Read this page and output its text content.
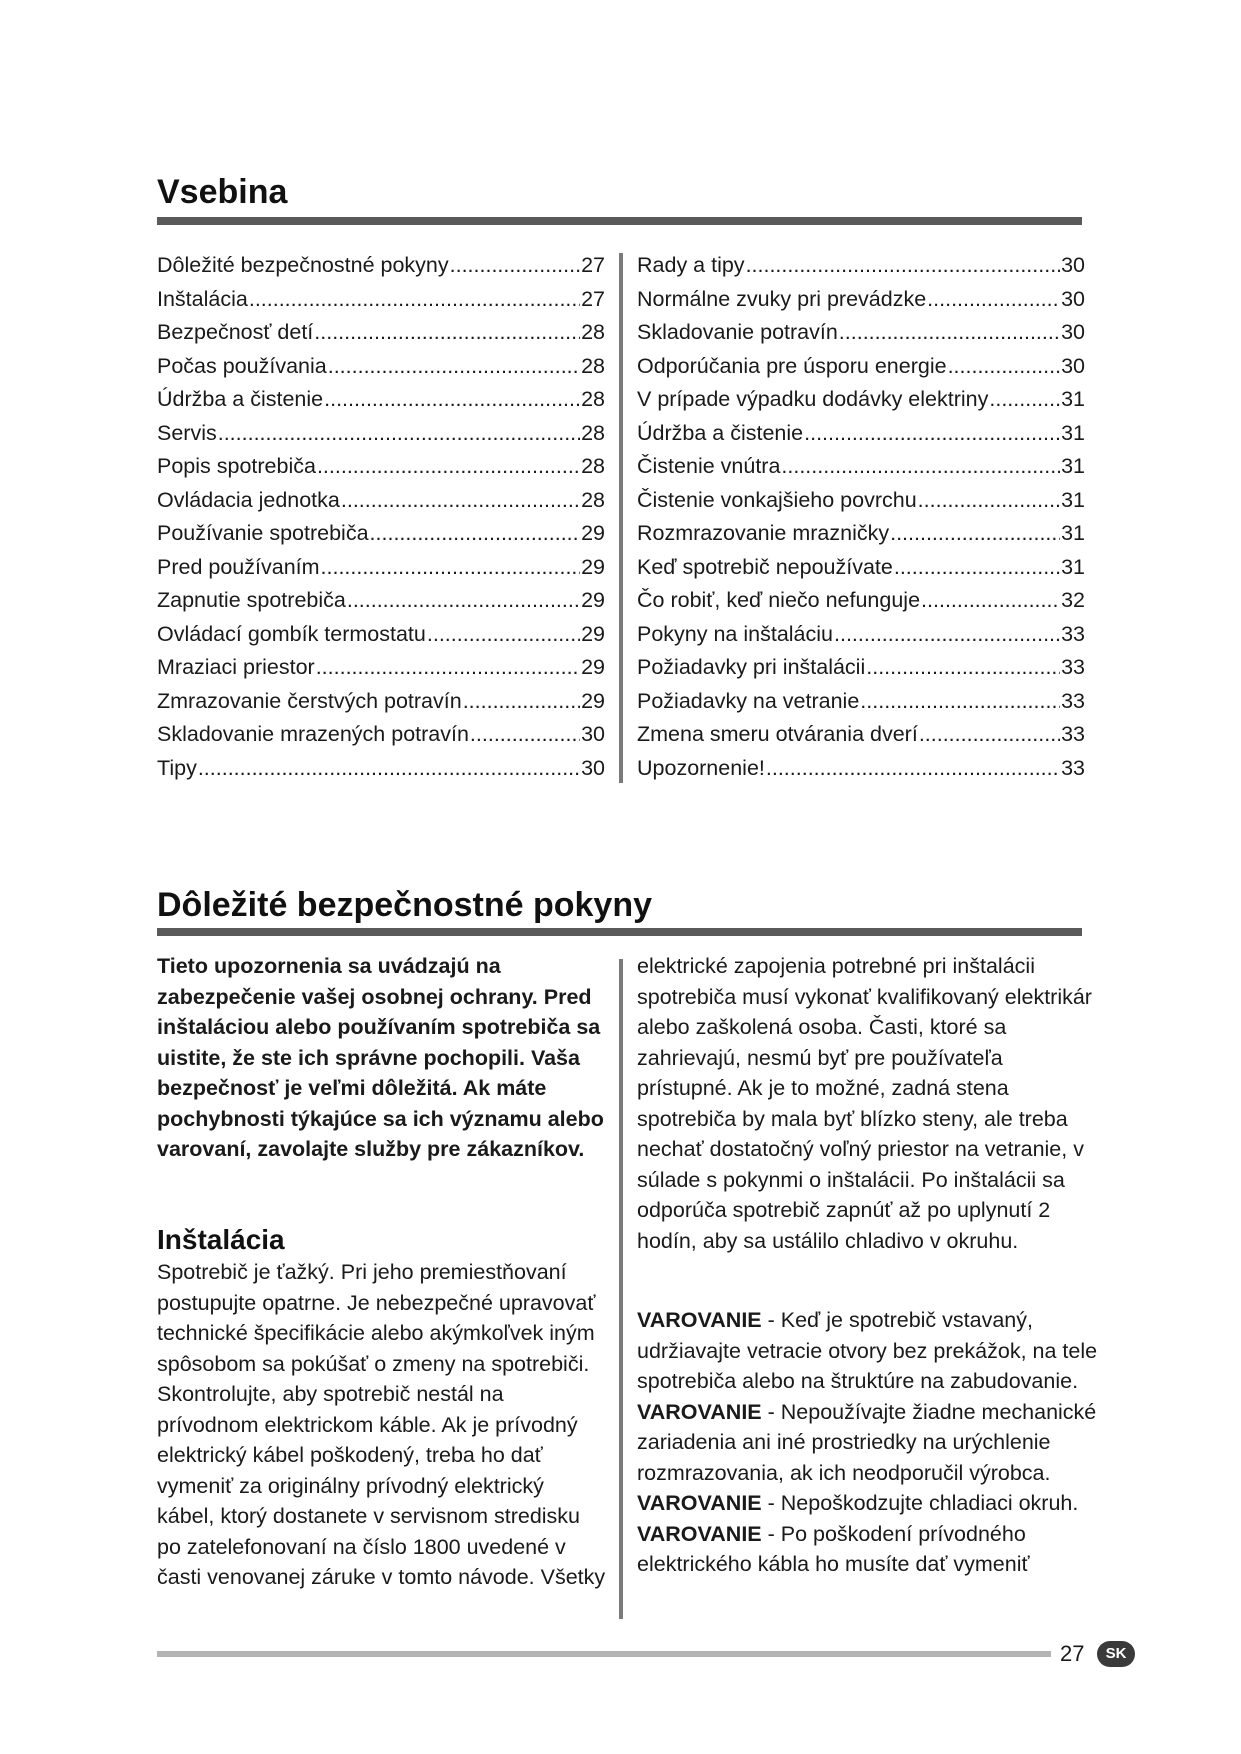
Vsebina
Dôležité bezpečnostné pokyny .....	27
Inštalácia .....	27
Bezpečnosť detí .....	28
Počas používania .....	28
Údržba a čistenie .....	28
Servis .....	28
Popis spotrebiča .....	28
Ovládacia jednotka .....	28
Používanie spotrebiča .....	29
Pred používaním .....	29
Zapnutie spotrebiča .....	29
Ovládací gombík termostatu .....	29
Mraziaci priestor .....	29
Zmrazovanie čerstvých potravín .....	29
Skladovanie mrazených potravín .....	30
Tipy .....	30
Rady a tipy .....	30
Normálne zvuky pri prevádzke .....	30
Skladovanie potravín .....	30
Odporúčania pre úsporu energie .....	30
V prípade výpadku dodávky elektriny .....	31
Údržba a čistenie .....	31
Čistenie vnútra .....	31
Čistenie vonkajšieho povrchu .....	31
Rozmrazovanie mrazničky .....	31
Keď spotrebič nepoužívate .....	31
Čo robiť, keď niečo nefunguje .....	32
Pokyny na inštaláciu .....	33
Požiadavky pri inštalácii .....	33
Požiadavky na vetranie .....	33
Zmena smeru otvárania dverí .....	33
Upozornenie! .....	33
Dôležité bezpečnostné pokyny

Tieto upozornenia sa uvádzajú na zabezpečenie vašej osobnej ochrany. Pred inštaláciou alebo používaním spotrebiča sa uistite, že ste ich správne pochopili. Vaša bezpečnosť je veľmi dôležitá. Ak máte pochybnosti týkajúce sa ich významu alebo varovaní, zavolajte služby pre zákazníkov.

Inštalácia

Spotrebič je ťažký. Pri jeho premiestňovaní postupujte opatrne. Je nebezpečné upravovať technické špecifikácie alebo akýmkoľvek iným spôsobom sa pokúšať o zmeny na spotrebiči. Skontrolujte, aby spotrebič nestál na prívodnom elektrickom káble. Ak je prívodný elektrický kábel poškodený, treba ho dať vymeniť za originálny prívodný elektrický kábel, ktorý dostanete v servisnom stredisku po zatelefonovaní na číslo 1800 uvedené v časti venovanej záruke v tomto návode. Všetky

elektrické zapojenia potrebné pri inštalácii spotrebiča musí vykonať kvalifikovaný elektrikár alebo zaškolená osoba. Časti, ktoré sa zahrievajú, nesmú byť pre používateľa prístupné. Ak je to možné, zadná stena spotrebiča by mala byť blízko steny, ale treba nechať dostatočný voľný priestor na vetranie, v súlade s pokynmi o inštalácii. Po inštalácii sa odporúča spotrebič zapnúť až po uplynutí 2 hodín, aby sa ustálilo chladivo v okruhu.

VAROVANIE - Keď je spotrebič vstavaný, udržiavajte vetracie otvory bez prekážok, na tele spotrebiča alebo na štruktúre na zabudovanie.

VAROVANIE - Nepoužívajte žiadne mechanické zariadenia ani iné prostriedky na urýchlenie rozmrazovania, ak ich neodporučil výrobca.

VAROVANIE - Nepoškodzujte chladiaci okruh.

VAROVANIE - Po poškodení prívodného elektrického kábla ho musíte dať vymeniť

27	SK
